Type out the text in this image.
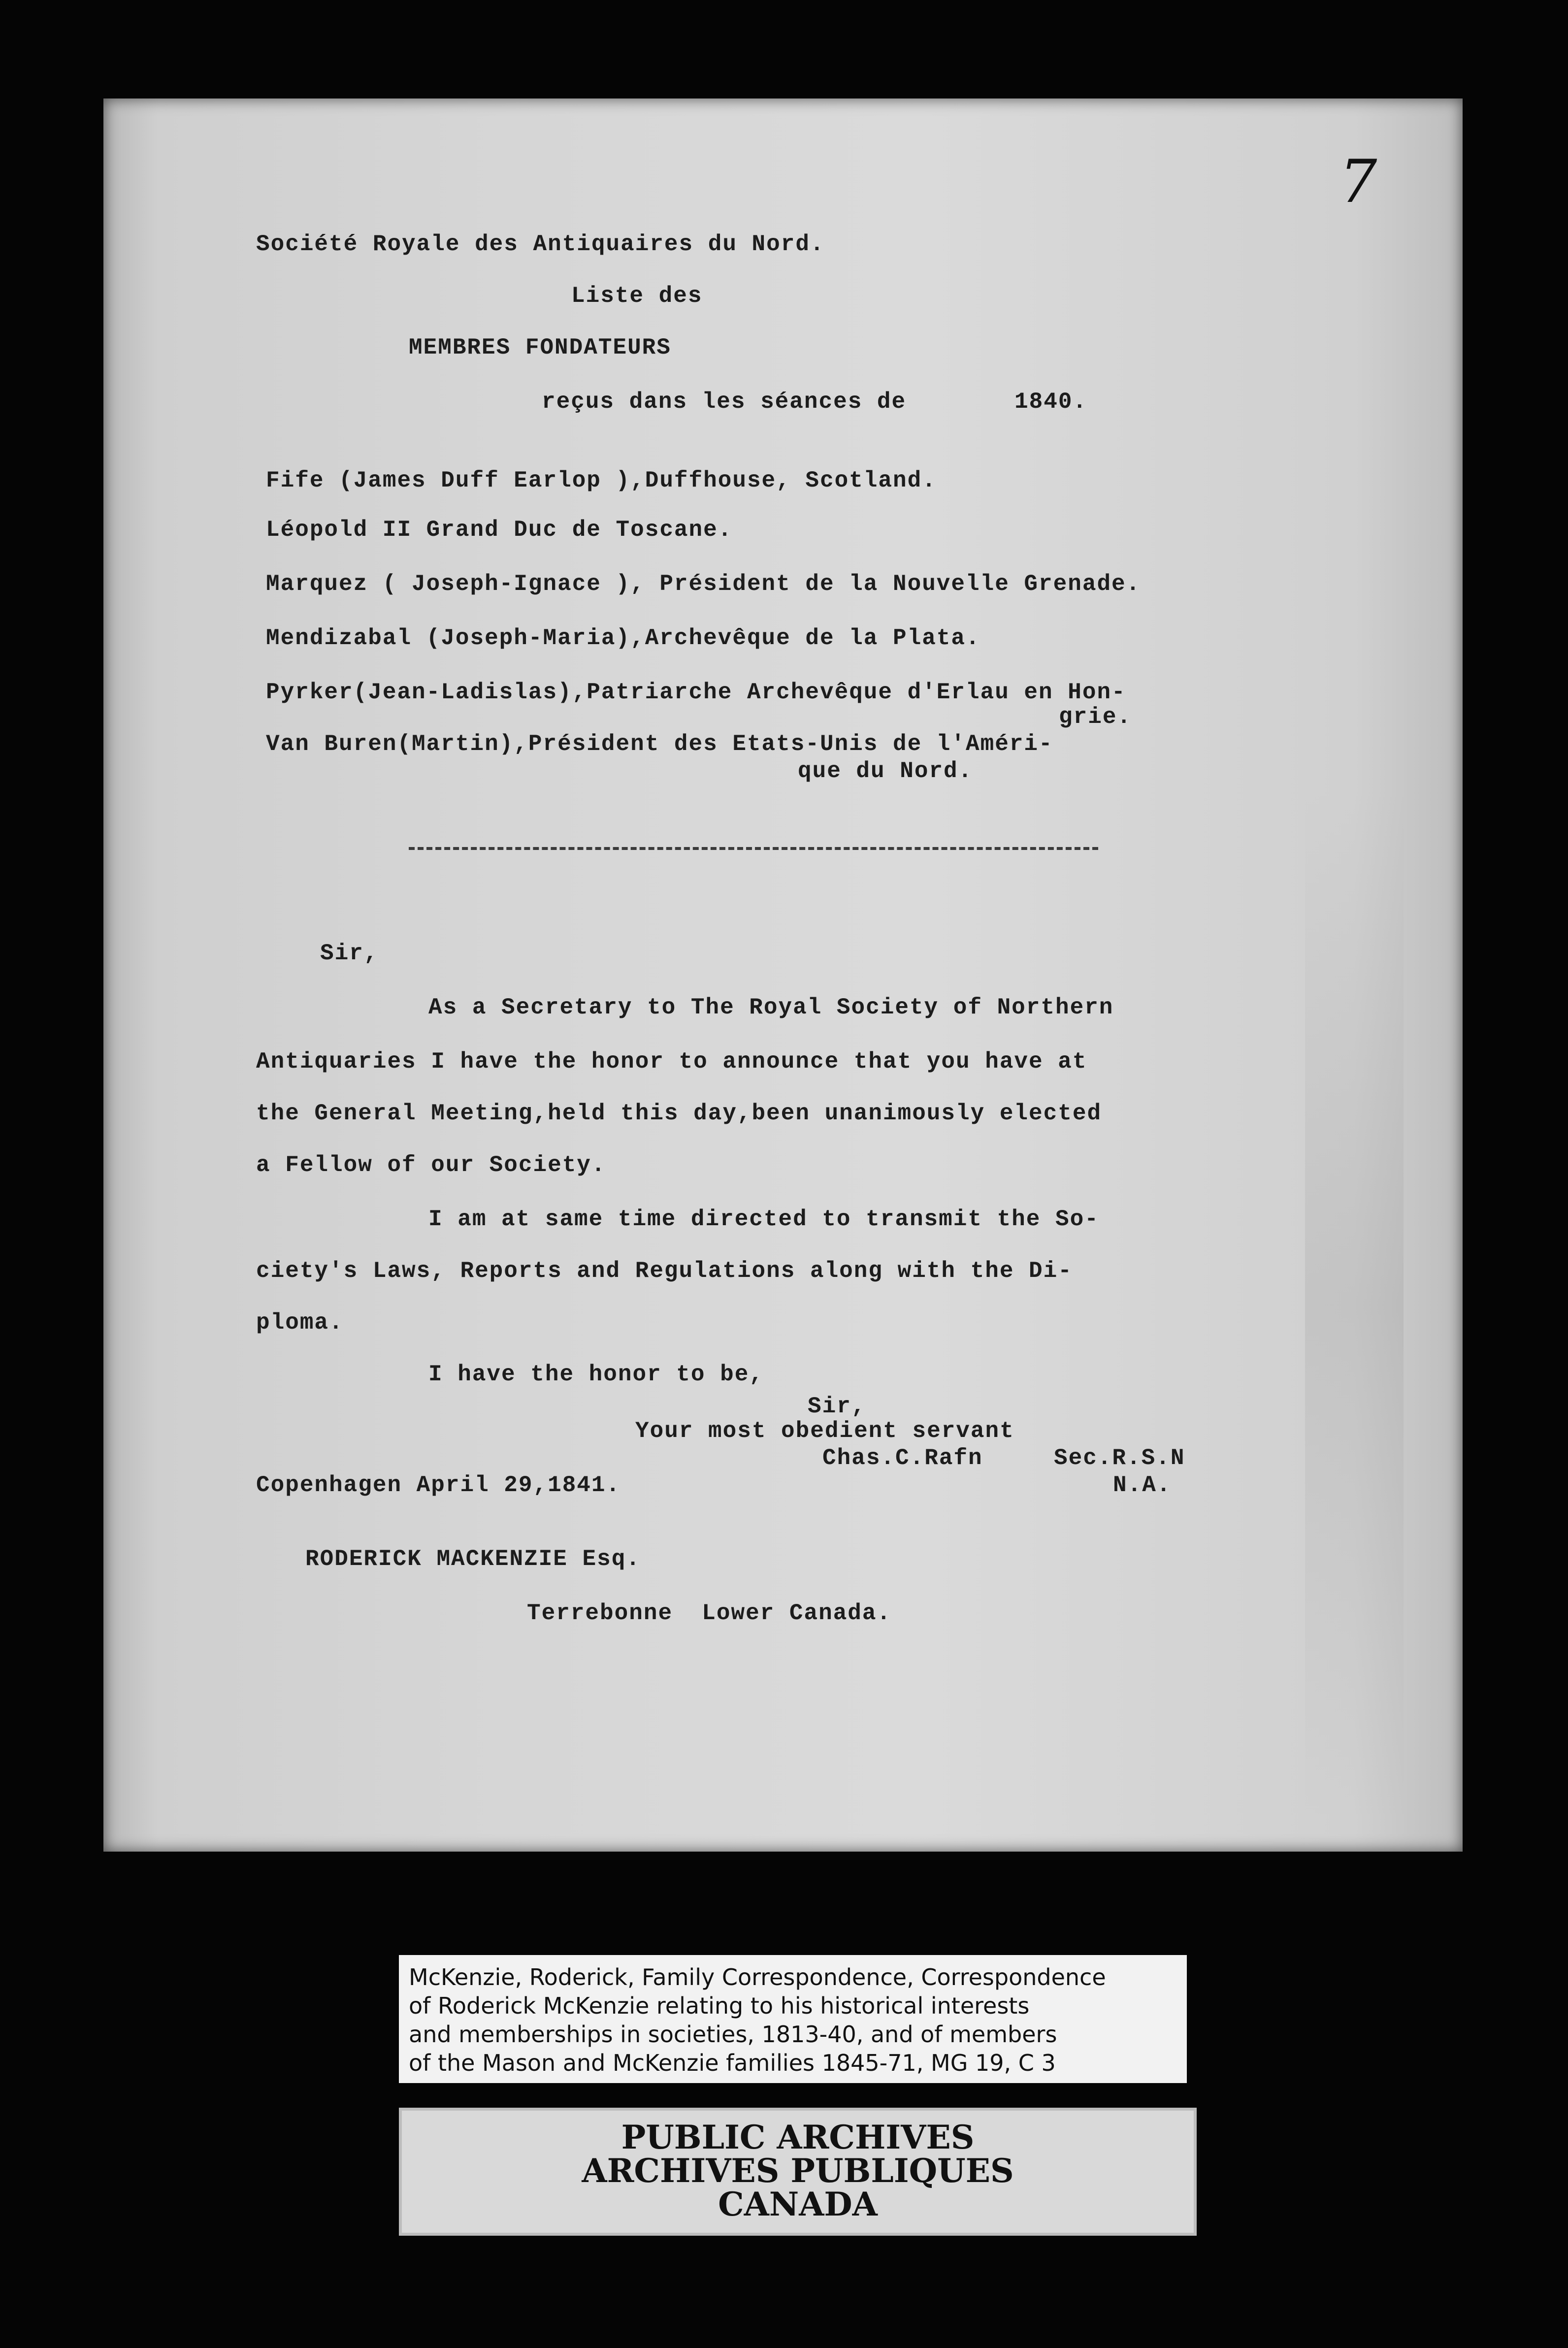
7
Société Royale des Antiquaires du Nord.
Liste des
MEMBRES FONDATEURS
reçus dans les séances de	1840.
Fife (James Duff Earlop ),Duffhouse, Scotland.
Léopold II Grand Duc de Toscane.
Marquez ( Joseph-Ignace ), Président de la Nouvelle Grenade.
Mendizabal (Joseph-Maria),Archevêque de la Plata.
Pyrker(Jean-Ladislas),Patriarche Archevêque d'Erlau en Hon-
grie.
Van Buren(Martin),Président des Etats-Unis de l'Améri-
que du Nord.
Sir,
As a Secretary to The Royal Society of Northern
Antiquaries I have the honor to announce that you have at
the General Meeting,held this day,been unanimously elected
a Fellow of our Society.
I am at same time directed to transmit the So-
ciety's Laws, Reports and Regulations along with the Di-
ploma.
I have the honor to be,
Sir,
Your most obedient servant
Chas.C.Rafn	Sec.R.S.N
Copenhagen April 29,1841.	N.A.
RODERICK MACKENZIE Esq.
Terrebonne  Lower Canada.
McKenzie, Roderick, Family Correspondence, Correspondence
of Roderick McKenzie relating to his historical interests
and memberships in societies, 1813-40, and of members
of the Mason and McKenzie families 1845-71, MG 19, C 3
PUBLIC ARCHIVES
ARCHIVES PUBLIQUES
CANADA
